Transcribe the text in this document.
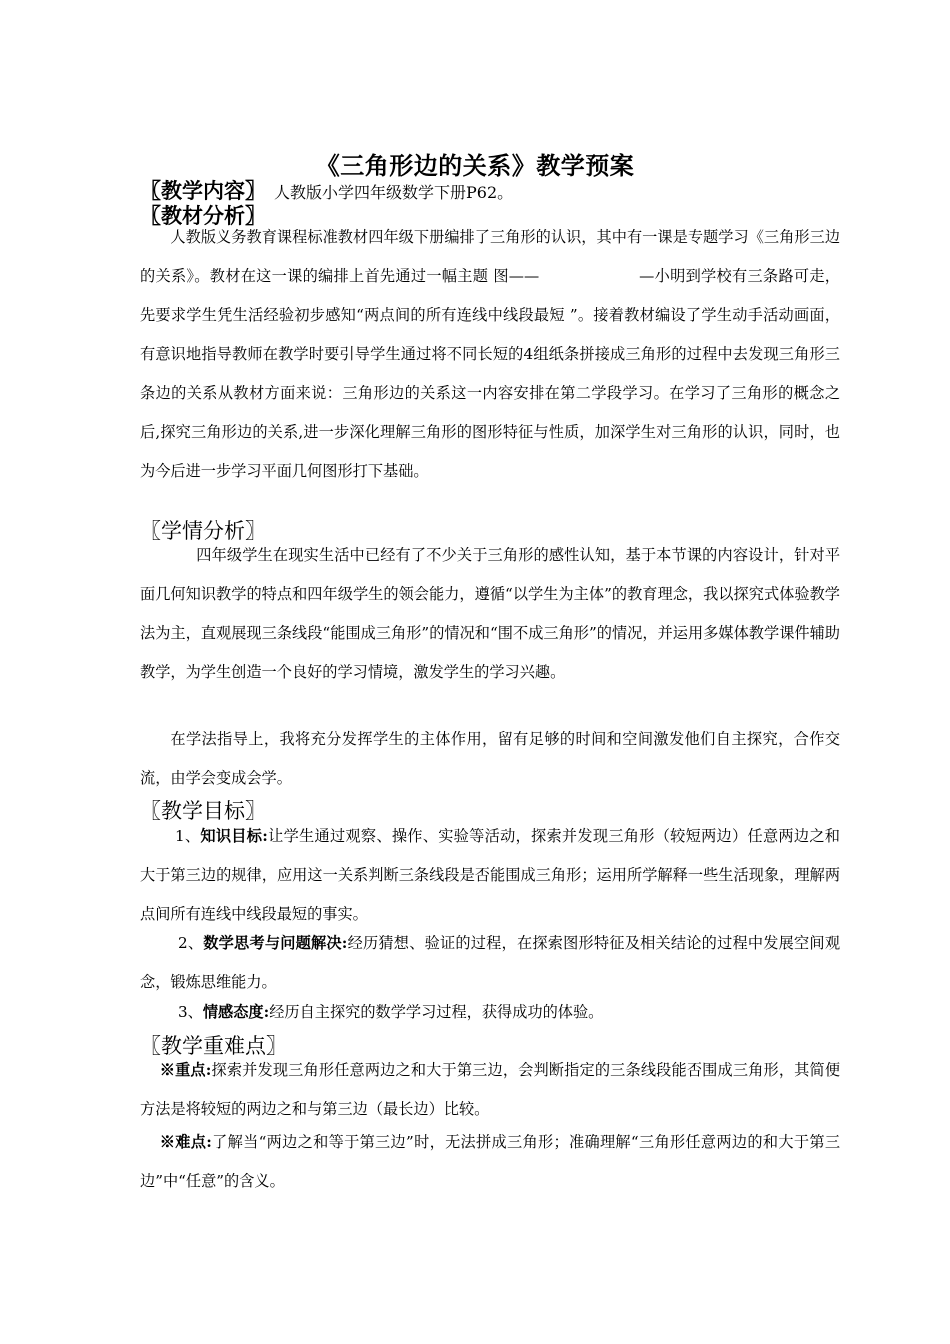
《三角形边的关系》教学预案
〖教学内容〗 人教版小学四年级数学下册P62。
〖教材分析〗
人教版义务教育课程标准教材四年级下册编排了三角形的认识，其中有一课是专题学习《三角形三边的关系》。教材在这一课的编排上首先通过一幅主题 图——	—小明到学校有三条路可走，先要求学生凭生活经验初步感知“两点间的所有连线中线段最短 ”。接着教材编设了学生动手活动画面，有意识地指导教师在教学时要引导学生通过将不同长短的4组纸条拼接成三角形的过程中去发现三角形三条边的关系从教材方面来说：三角形边的关系这一内容安排在第二学段学习。在学习了三角形的概念之后,探究三角形边的关系,进一步深化理解三角形的图形特征与性质，加深学生对三角形的认识，同时，也为今后进一步学习平面几何图形打下基础。
〖学情分析〗
四年级学生在现实生活中已经有了不少关于三角形的感性认知，基于本节课的内容设计，针对平面几何知识教学的特点和四年级学生的领会能力，遵循“以学生为主体”的教育理念，我以探究式体验教学法为主，直观展现三条线段“能围成三角形”的情况和“围不成三角形”的情况，并运用多媒体教学课件辅助教学，为学生创造一个良好的学习情境，激发学生的学习兴趣。
在学法指导上，我将充分发挥学生的主体作用，留有足够的时间和空间激发他们自主探究，合作交流，由学会变成会学。
〖教学目标〗
1、知识目标:让学生通过观察、操作、实验等活动，探索并发现三角形（较短两边）任意两边之和大于第三边的规律，应用这一关系判断三条线段是否能围成三角形；运用所学解释一些生活现象，理解两点间所有连线中线段最短的事实。
2、数学思考与问题解决:经历猜想、验证的过程，在探索图形特征及相关结论的过程中发展空间观念，锻炼思维能力。
3、情感态度:经历自主探究的数学学习过程，获得成功的体验。
〖教学重难点〗
※重点:探索并发现三角形任意两边之和大于第三边，会判断指定的三条线段能否围成三角形，其简便方法是将较短的两边之和与第三边（最长边）比较。
※难点:了解当“两边之和等于第三边”时，无法拼成三角形；准确理解“三角形任意两边的和大于第三边”中“任意”的含义。
